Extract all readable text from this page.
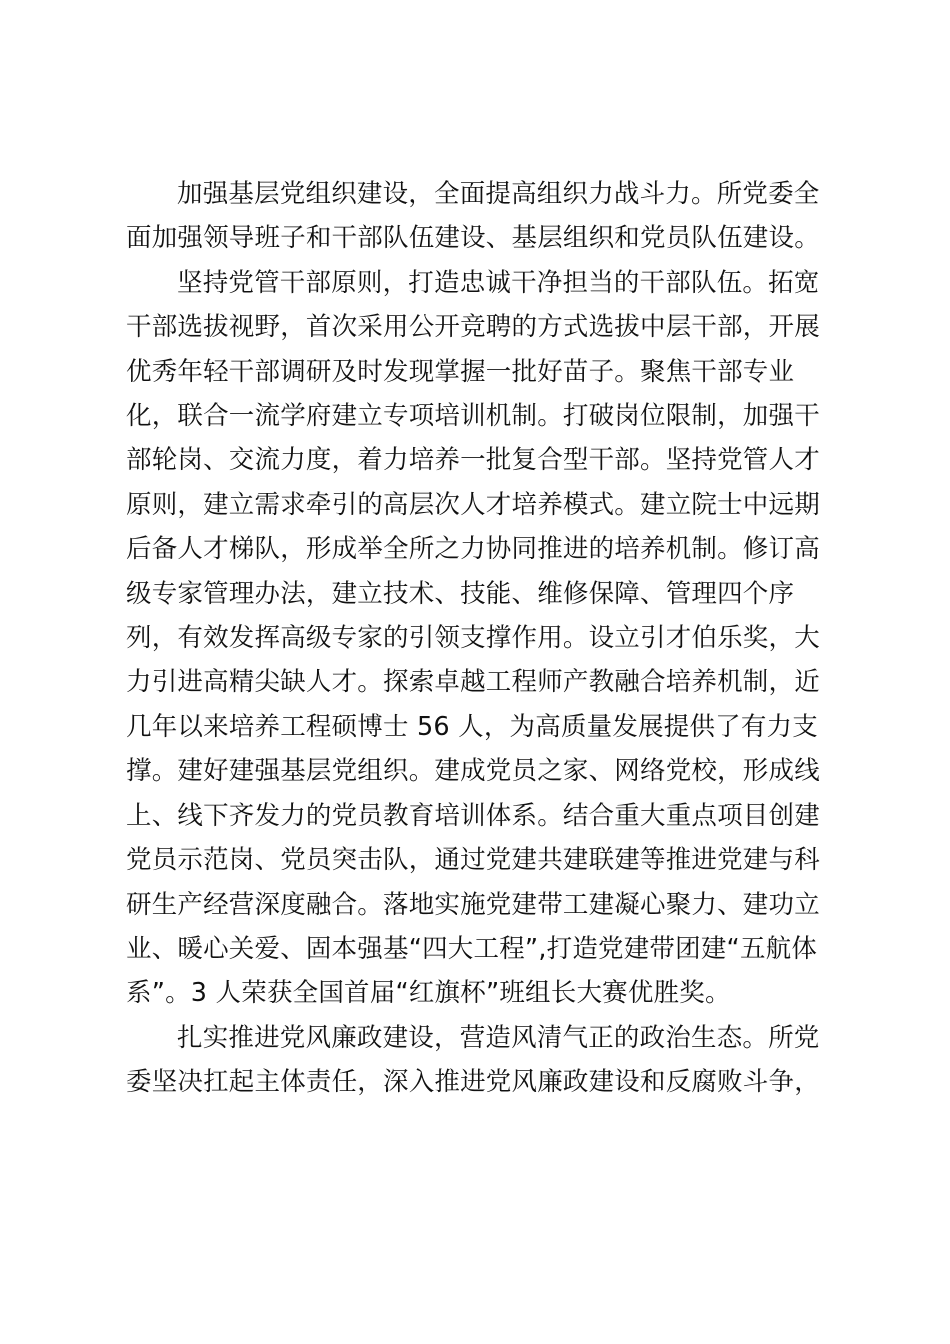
加强基层党组织建设，全面提高组织力战斗力。所党委全
面加强领导班子和干部队伍建设、基层组织和党员队伍建设。

坚持党管干部原则，打造忠诚干净担当的干部队伍。拓宽
干部选拔视野，首次采用公开竞聘的方式选拔中层干部，开展
优秀年轻干部调研及时发现掌握一批好苗子。聚焦干部专业
化，联合一流学府建立专项培训机制。打破岗位限制，加强干
部轮岗、交流力度，着力培养一批复合型干部。坚持党管人才
原则，建立需求牵引的高层次人才培养模式。建立院士中远期
后备人才梯队，形成举全所之力协同推进的培养机制。修订高
级专家管理办法，建立技术、技能、维修保障、管理四个序
列，有效发挥高级专家的引领支撑作用。设立引才伯乐奖，大
力引进高精尖缺人才。探索卓越工程师产教融合培养机制，近
几年以来培养工程硕博士 56 人，为高质量发展提供了有力支
撑。建好建强基层党组织。建成党员之家、网络党校，形成线
上、线下齐发力的党员教育培训体系。结合重大重点项目创建
党员示范岗、党员突击队，通过党建共建联建等推进党建与科
研生产经营深度融合。落地实施党建带工建凝心聚力、建功立
业、暖心关爱、固本强基“四大工程”,打造党建带团建“五航体
系”。3 人荣获全国首届“红旗杯”班组长大赛优胜奖。

扎实推进党风廉政建设，营造风清气正的政治生态。所党
委坚决扛起主体责任，深入推进党风廉政建设和反腐败斗争，
